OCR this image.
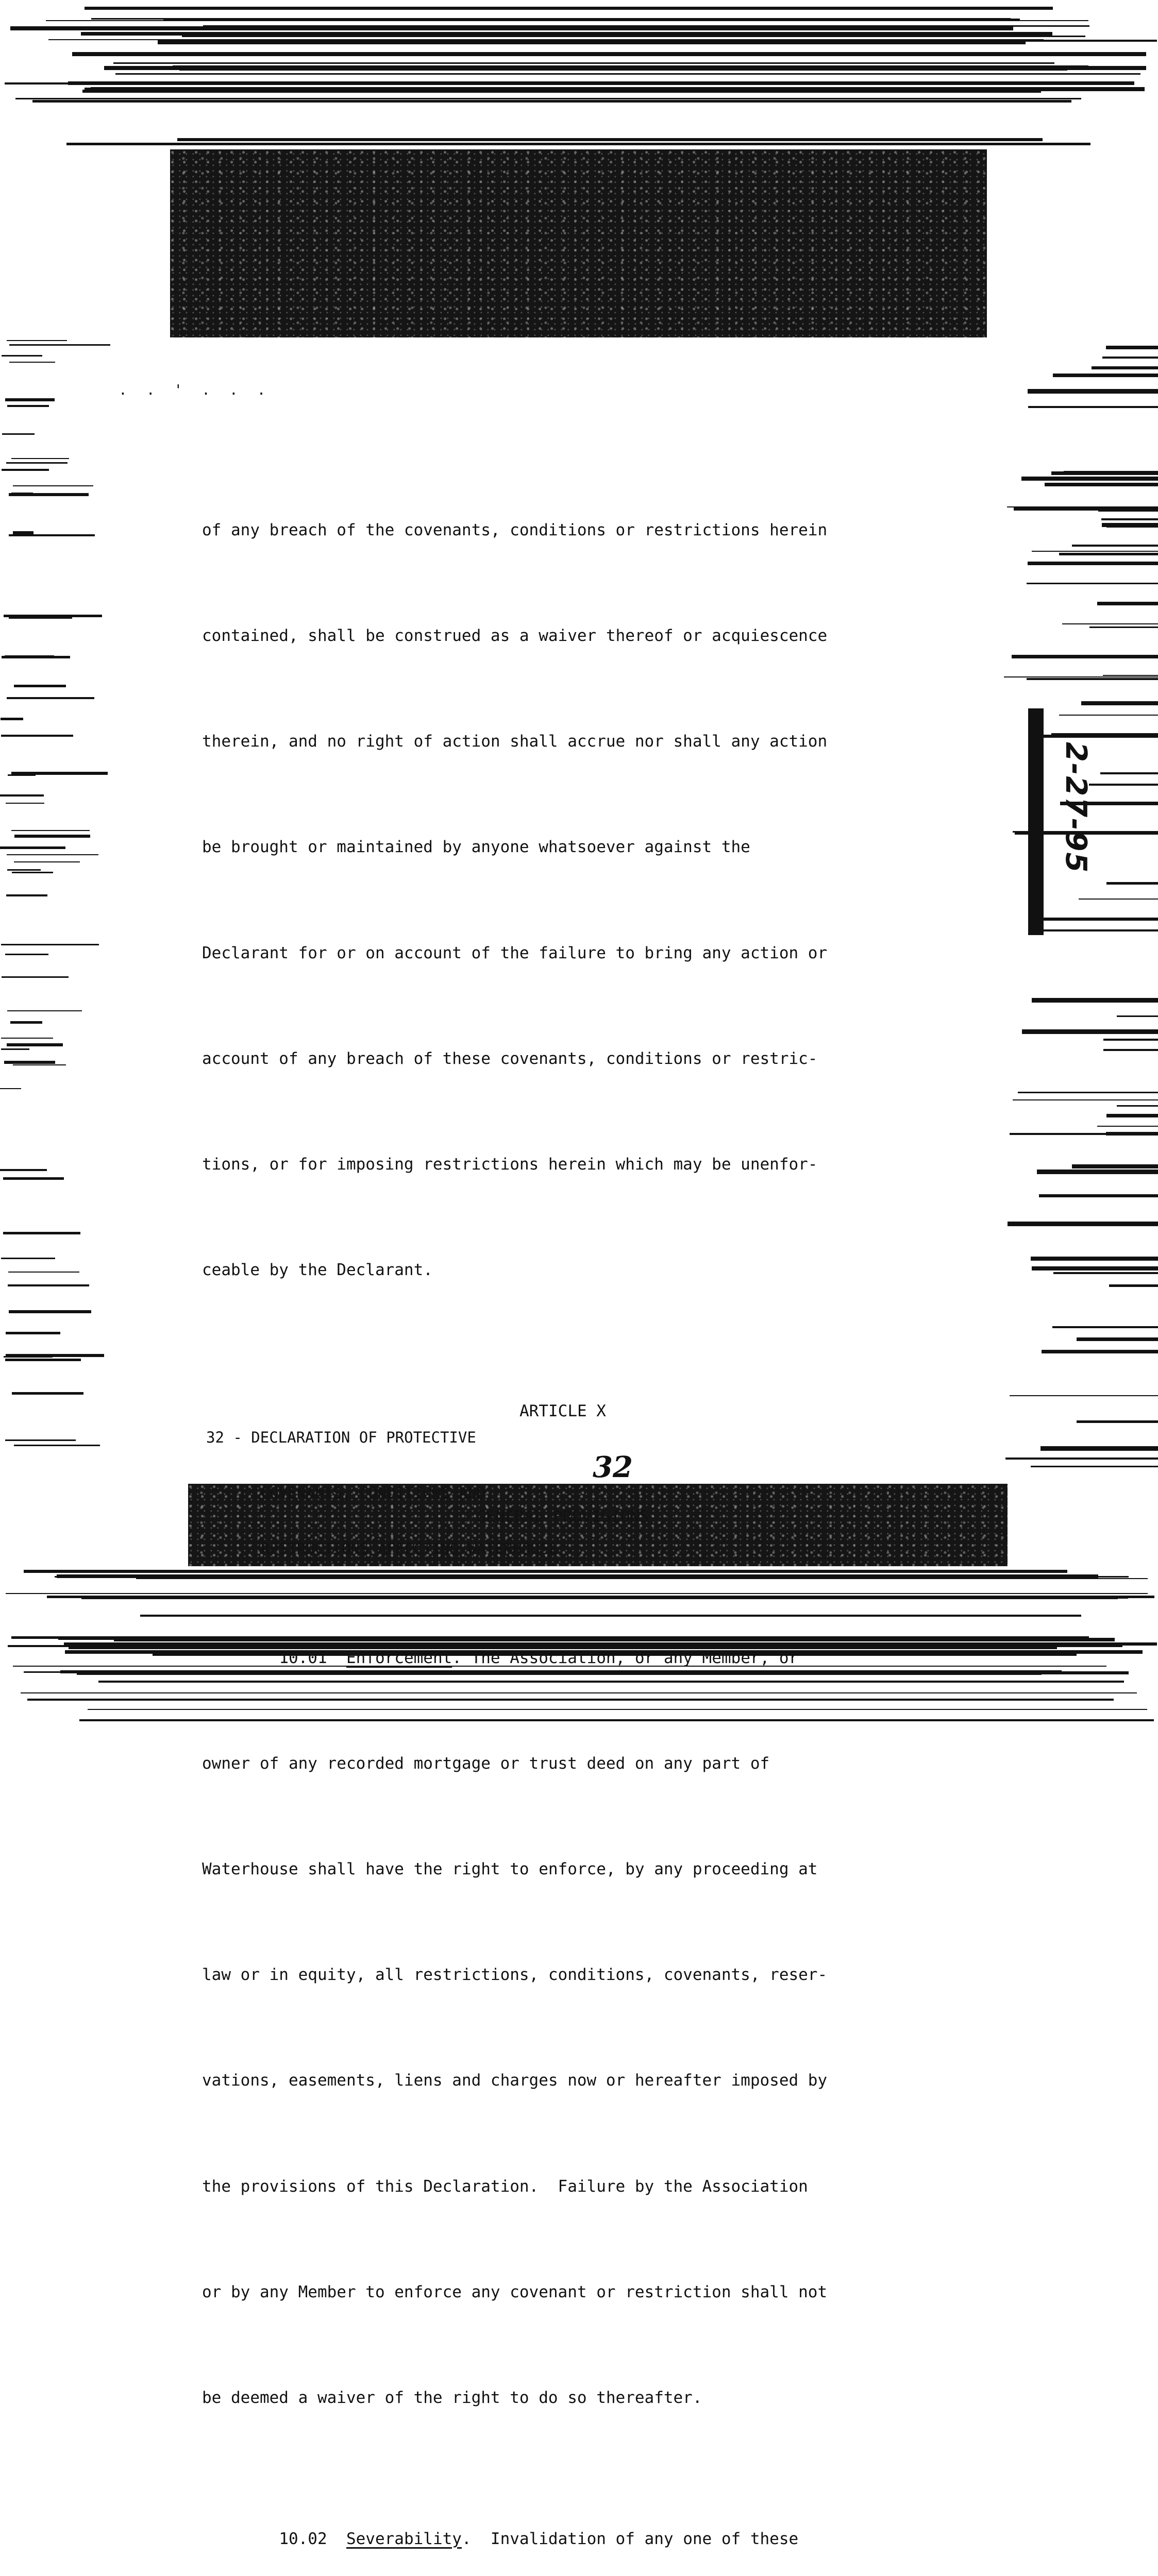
. . ' . . .
2-27-95

of any breach of the covenants, conditions or restrictions herein

contained, shall be construed as a waiver thereof or acquiescence

therein, and no right of action shall accrue nor shall any action

be brought or maintained by anyone whatsoever against the

Declarant for or on account of the failure to bring any action or

account of any breach of these covenants, conditions or restric-

tions, or for imposing restrictions herein which may be unenfor-

ceable by the Declarant.

ARTICLE X

GENERAL PROVISIONS

10.01 Enforcement. The Association, or any Member, or

owner of any recorded mortgage or trust deed on any part of

Waterhouse shall have the right to enforce, by any proceeding at

law or in equity, all restrictions, conditions, covenants, reser-

vations, easements, liens and charges now or hereafter imposed by

the provisions of this Declaration.  Failure by the Association

or by any Member to enforce any covenant or restriction shall not

be deemed a waiver of the right to do so thereafter.

10.02 Severability.  Invalidation of any one of these

32 - DECLARATION OF PROTECTIVE

COVENANTS, CONDITIONS AND

RESTRUCTIONS AFFECTING WATERHOUSE

32
